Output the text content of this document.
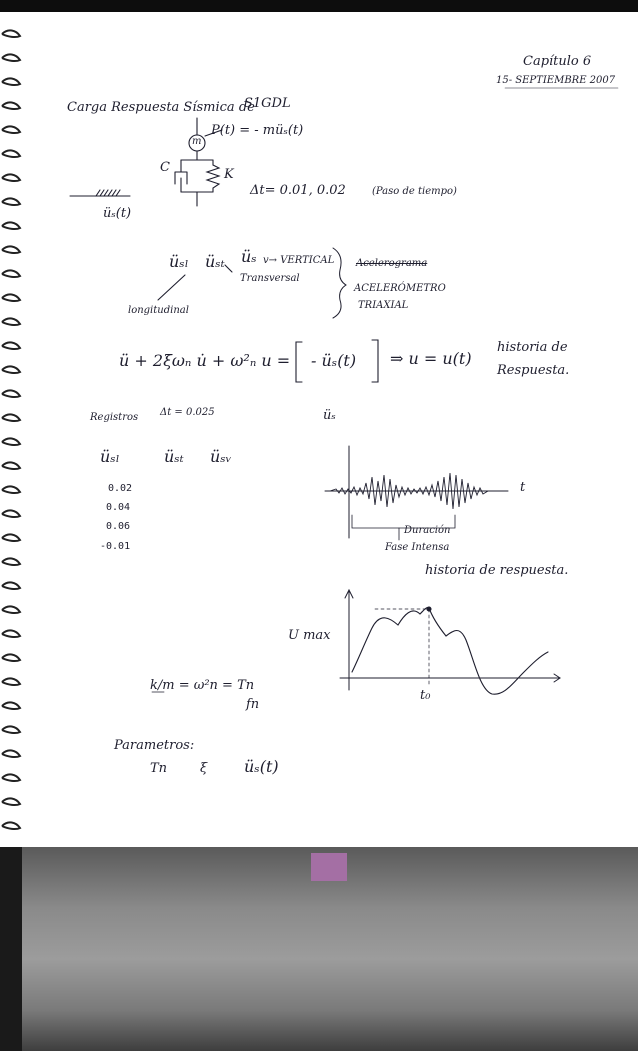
Capítulo 6
15- SEPTIEMBRE 2007
Carga Respuesta Sísmica de
S1GDL
P(t) = - müₛ(t)
m
C	K
üₛ(t)
Δt= 0.01, 0.02	(Paso de tiempo)
üₛₗ üₛₜ üₛ v→ VERTICAL
Transversal
longitudinal
Acelerograma
ACELERÓMETRO
TRIAXIAL
ü + 2ξωₙ u̇ + ω²ₙ u = - üₛ(t) ⇒ u = u(t)
historia de
Respuesta.
Registros Δt = 0.025	üₛ
üₛₗ	üₛₜ üₛᵥ
0.02
0.04
0.06
-0.01
t
Duración
Fase Intensa
historia de respuesta.
U max
t₀
k/m = ω²n = Tn
fn
Parametros:
Tn	ξ üₛ(t)
